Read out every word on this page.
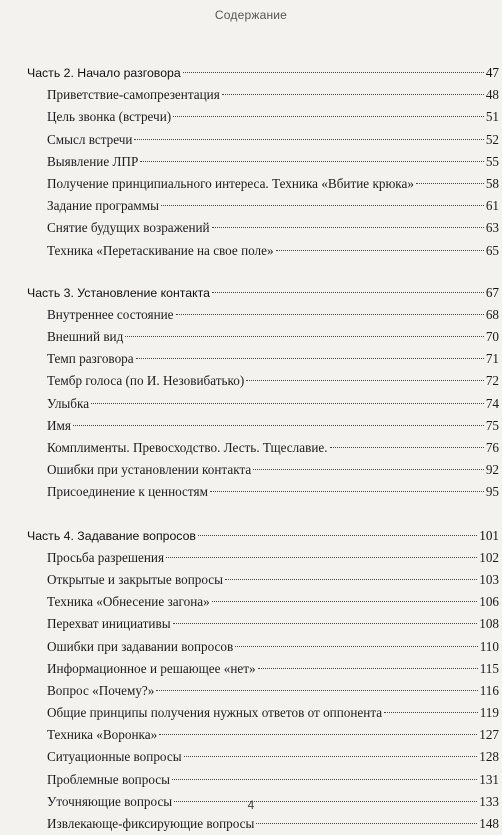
Содержание
Часть 2. Начало разговора	47
Приветствие-самопрезентация	48
Цель звонка (встречи)	51
Смысл встречи	52
Выявление ЛПР	55
Получение принципиального интереса. Техника «Вбитие крюка»	58
Задание программы	61
Снятие будущих возражений	63
Техника «Перетаскивание на свое поле»	65
Часть 3. Установление контакта	67
Внутреннее состояние	68
Внешний вид	70
Темп разговора	71
Тембр голоса (по И. Незовибатько)	72
Улыбка	74
Имя	75
Комплименты. Превосходство. Лесть. Тщеславие.	76
Ошибки при установлении контакта	92
Присоединение к ценностям	95
Часть 4. Задавание вопросов	101
Просьба разрешения	102
Открытые и закрытые вопросы	103
Техника «Обнесение загона»	106
Перехват инициативы	108
Ошибки при задавании вопросов	110
Информационное и решающее «нет»	115
Вопрос «Почему?»	116
Общие принципы получения нужных ответов от оппонента	119
Техника «Воронка»	127
Ситуационные вопросы	128
Проблемные вопросы	131
Уточняющие вопросы	133
Извлекающе-фиксирующие вопросы	148
4
